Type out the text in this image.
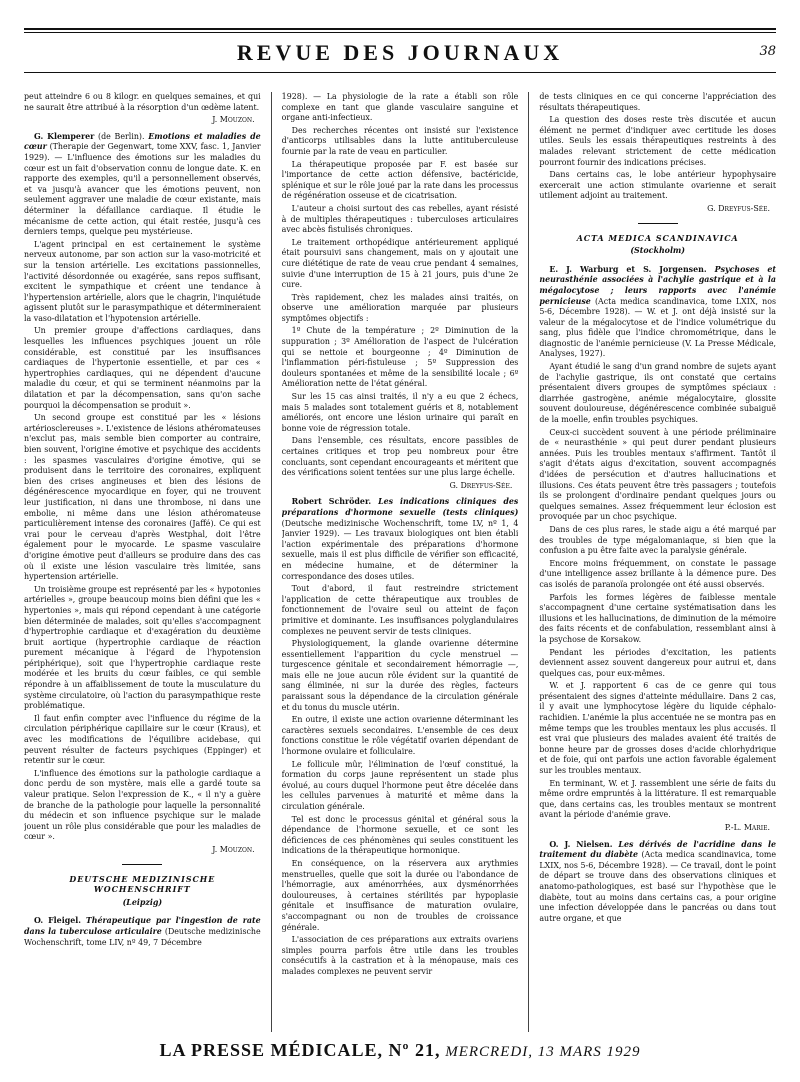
REVUE DES JOURNAUX	38

peut atteindre 6 ou 8 kilogr. en quelques semaines, et qui ne saurait être attribué à la résorption d'un œdème latent.

J. Mouzon.

G. Klemperer (de Berlin). Emotions et maladies de cœur (Therapie der Gegenwart, tome XXV, fasc. 1, Janvier 1929). — L'influence des émotions sur les maladies du cœur est un fait d'observation connu de longue date. K. en rapporte des exemples, qu'il a personnellement observés, et va jusqu'à avancer que les émotions peuvent, non seulement aggraver une maladie de cœur existante, mais déterminer la défaillance cardiaque. Il étudie le mécanisme de cette action, qui était restée, jusqu'à ces derniers temps, quelque peu mystérieuse.

L'agent principal en est certainement le système nerveux autonome, par son action sur la vaso-motricité et sur la tension artérielle. Les excitations passionnelles, l'activité désordonnée ou exagérée, sans repos suffisant, excitent le sympathique et créent une tendance à l'hypertension artérielle, alors que le chagrin, l'inquiétude agissent plutôt sur le parasympathique et détermineraient la vaso-dilatation et l'hypotension artérielle.

Un premier groupe d'affections cardiaques, dans lesquelles les influences psychiques jouent un rôle considérable, est constitué par les insuffisances cardiaques de l'hypertonie essentielle, et par ces « hypertrophies cardiaques, qui ne dépendent d'aucune maladie du cœur, et qui se terminent néanmoins par la dilatation et par la décompensation, sans qu'on sache pourquoi la décompensation se produit ».

Un second groupe est constitué par les « lésions artériosclereuses ». L'existence de lésions athéromateuses n'exclut pas, mais semble bien comporter au contraire, bien souvent, l'origine émotive et psychique des accidents : les spasmes vasculaires d'origine émotive, qui se produisent dans le territoire des coronaires, expliquent bien des crises angineuses et bien des lésions de dégénérescence myocardique en foyer, qui ne trouvent leur justification, ni dans une thrombose, ni dans une embolie, ni même dans une lésion athéromateuse particulièrement intense des coronaires (Jaffé). Ce qui est vrai pour le cerveau d'après Westphal, doit l'être également pour le myocarde. Le spasme vasculaire d'origine émotive peut d'ailleurs se produire dans des cas où il existe une lésion vasculaire très limitée, sans hypertension artérielle.

Un troisième groupe est représenté par les « hypotonies artérielles », groupe beaucoup moins bien défini que les « hypertonies », mais qui répond cependant à une catégorie bien déterminée de malades, soit qu'elles s'accompagnent d'hypertrophie cardiaque et d'exagération du deuxième bruit aortique (hypertrophie cardiaque de réaction purement mécanique à l'égard de l'hypotension périphérique), soit que l'hypertrophie cardiaque reste modérée et les bruits du cœur faibles, ce qui semble répondre à un affaiblissement de toute la musculature du système circulatoire, où l'action du parasympathique reste problématique.

Il faut enfin compter avec l'influence du régime de la circulation périphérique capillaire sur le cœur (Kraus), et avec les modifications de l'équilibre acidebase, qui peuvent résulter de facteurs psychiques (Eppinger) et retentir sur le cœur.

L'influence des émotions sur la pathologie cardiaque a donc perdu de son mystère, mais elle a gardé toute sa valeur pratique. Selon l'expression de K., « il n'y a guère de branche de la pathologie pour laquelle la personnalité du médecin et son influence psychique sur le malade jouent un rôle plus considérable que pour les maladies de cœur ».

J. Mouzon.
DEUTSCHE MEDIZINISCHE WOCHENSCHRIFT
(Leipzig)

O. Fleigel. Thérapeutique par l'ingestion de rate dans la tuberculose articulaire (Deutsche medizinische Wochenschrift, tome LIV, nº 49, 7 Décembre

1928). — La physiologie de la rate a établi son rôle complexe en tant que glande vasculaire sanguine et organe anti-infectieux.

Des recherches récentes ont insisté sur l'existence d'anticorps utilisables dans la lutte antituberculeuse fournie par la rate de veau en particulier.

La thérapeutique proposée par F. est basée sur l'importance de cette action défensive, bactéricide, splénique et sur le rôle joué par la rate dans les processus de régénération osseuse et de cicatrisation.

L'auteur a choisi surtout des cas rebelles, ayant résisté à de multiples thérapeutiques : tuberculoses articulaires avec abcès fistulisés chroniques.

Le traitement orthopédique antérieurement appliqué était poursuivi sans changement, mais on y ajoutait une cure diététique de rate de veau crue pendant 4 semaines, suivie d'une interruption de 15 à 21 jours, puis d'une 2e cure.

Très rapidement, chez les malades ainsi traités, on observe une amélioration marquée par plusieurs symptômes objectifs :

1º Chute de la température ; 2º Diminution de la suppuration ; 3º Amélioration de l'aspect de l'ulcération qui se nettoie et bourgeonne ; 4º Diminution de l'inflammation péri-fistuleuse ; 5º Suppression des douleurs spontanées et même de la sensibilité locale ; 6º Amélioration nette de l'état général.

Sur les 15 cas ainsi traités, il n'y a eu que 2 échecs, mais 5 malades sont totalement guéris et 8, notablement améliorés, ont encore une lésion urinaire qui paraît en bonne voie de régression totale.

Dans l'ensemble, ces résultats, encore passibles de certaines critiques et trop peu nombreux pour être concluants, sont cependant encourageants et méritent que des vérifications soient tentées sur une plus large échelle.

G. Dreyfus-Sée.

Robert Schröder. Les indications cliniques des préparations d'hormone sexuelle (tests cliniques) (Deutsche medizinische Wochenschrift, tome LV, nº 1, 4 Janvier 1929). — Les travaux biologiques ont bien établi l'action expérimentale des préparations d'hormone sexuelle, mais il est plus difficile de vérifier son efficacité, en médecine humaine, et de déterminer la correspondance des doses utiles.

Tout d'abord, il faut restreindre strictement l'application de cette thérapeutique aux troubles de fonctionnement de l'ovaire seul ou atteint de façon primitive et dominante. Les insuffisances polyglandulaires complexes ne peuvent servir de tests cliniques.

Physiologiquement, la glande ovarienne détermine essentiellement l'apparition du cycle menstruel — turgescence génitale et secondairement hémorragie —, mais elle ne joue aucun rôle évident sur la quantité de sang éliminée, ni sur la durée des règles, facteurs paraissant sous la dépendance de la circulation générale et du tonus du muscle utérin.

En outre, il existe une action ovarienne déterminant les caractères sexuels secondaires. L'ensemble de ces deux fonctions constitue le rôle végétatif ovarien dépendant de l'hormone ovulaire et folliculaire.

Le follicule mûr, l'élimination de l'œuf constitué, la formation du corps jaune représentent un stade plus évolué, au cours duquel l'hormone peut être décelée dans les cellules parvenues à maturité et même dans la circulation générale.

Tel est donc le processus génital et général sous la dépendance de l'hormone sexuelle, et ce sont les déficiences de ces phénomènes qui seules constituent les indications de la thérapeutique hormonique.

En conséquence, on la réservera aux arythmies menstruelles, quelle que soit la durée ou l'abondance de l'hémorragie, aux aménorrhées, aux dysménorrhées douloureuses, à certaines stérilités par hypoplasie génitale et insuffisance de maturation ovulaire, s'accompagnant ou non de troubles de croissance générale.

L'association de ces préparations aux extraits ovariens simples pourra parfois être utile dans les troubles consécutifs à la castration et à la ménopause, mais ces malades complexes ne peuvent servir

de tests cliniques en ce qui concerne l'appréciation des résultats thérapeutiques.

La question des doses reste très discutée et aucun élément ne permet d'indiquer avec certitude les doses utiles. Seuls les essais thérapeutiques restreints à des malades relevant strictement de cette médication pourront fournir des indications précises.

Dans certains cas, le lobe antérieur hypophysaire exercerait une action stimulante ovarienne et serait utilement adjoint au traitement.

G. Dreyfus-Sée.
ACTA MEDICA SCANDINAVICA
(Stockholm)

E. J. Warburg et S. Jorgensen. Psychoses et neurasthénie associées à l'achylie gastrique et à la mégalocytose ; leurs rapports avec l'anémie pernicieuse (Acta medica scandinavica, tome LXIX, nos 5-6, Décembre 1928). — W. et J. ont déjà insisté sur la valeur de la mégalocytose et de l'indice volumétrique du sang, plus fidèle que l'indice chromométrique, dans le diagnostic de l'anémie pernicieuse (V. La Presse Médicale, Analyses, 1927).

Ayant étudié le sang d'un grand nombre de sujets ayant de l'achylie gastrique, ils ont constaté que certains présentaient divers groupes de symptômes spéciaux : diarrhée gastrogène, anémie mégalocytaire, glossite souvent douloureuse, dégénérescence combinée subaiguë de la moelle, enfin troubles psychiques.

Ceux-ci succèdent souvent à une période préliminaire de « neurasthénie » qui peut durer pendant plusieurs années. Puis les troubles mentaux s'affirment. Tantôt il s'agit d'états aigus d'excitation, souvent accompagnés d'idées de persécution et d'autres hallucinations et illusions. Ces états peuvent être très passagers ; toutefois ils se prolongent d'ordinaire pendant quelques jours ou quelques semaines. Assez fréquemment leur éclosion est provoquée par un choc psychique.

Dans de ces plus rares, le stade aigu a été marqué par des troubles de type mégalomaniaque, si bien que la confusion a pu être faite avec la paralysie générale.

Encore moins fréquemment, on constate le passage d'une intelligence assez brillante à la démence pure. Des cas isolés de paranoïa prolongée ont été aussi observés.

Parfois les formes légères de faiblesse mentale s'accompagnent d'une certaine systématisation dans les illusions et les hallucinations, de diminution de la mémoire des faits récents et de confabulation, ressemblant ainsi à la psychose de Korsakow.

Pendant les périodes d'excitation, les patients deviennent assez souvent dangereux pour autrui et, dans quelques cas, pour eux-mêmes.

W. et J. rapportent 6 cas de ce genre qui tous présentaient des signes d'atteinte médullaire. Dans 2 cas, il y avait une lymphocytose légère du liquide céphalo-rachidien. L'anémie la plus accentuée ne se montra pas en même temps que les troubles mentaux les plus accusés. Il est vrai que plusieurs des malades avaient été traités de bonne heure par de grosses doses d'acide chlorhydrique et de foie, qui ont parfois une action favorable également sur les troubles mentaux.

En terminant, W. et J. rassemblent une série de faits du même ordre empruntés à la littérature. Il est remarquable que, dans certains cas, les troubles mentaux se montrent avant la période d'anémie grave.

P.-L. Marie.

O. J. Nielsen. Les dérivés de l'acridine dans le traitement du diabète (Acta medica scandinavica, tome LXIX, nos 5-6, Décembre 1928). — Ce travail, dont le point de départ se trouve dans des observations cliniques et anatomo-pathologiques, est basé sur l'hypothèse que le diabète, tout au moins dans certains cas, a pour origine une infection développée dans le pancréas ou dans tout autre organe, et que

LA PRESSE MÉDICALE, Nº 21, MERCREDI, 13 MARS 1929
